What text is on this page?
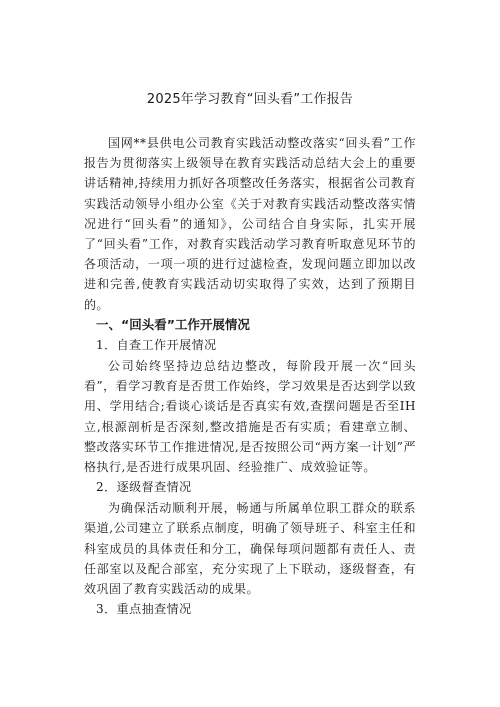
2025年学习教育“回头看”工作报告

国网**县供电公司教育实践活动整改落实“回头看”工作报告为贯彻落实上级领导在教育实践活动总结大会上的重要讲话精神,持续用力抓好各项整改任务落实，根据省公司教育实践活动领导小组办公室《关于对教育实践活动整改落实情况进行“回头看”的通知》，公司结合自身实际，扎实开展了“回头看”工作，对教育实践活动学习教育听取意见环节的各项活动，一项一项的进行过滤检查，发现问题立即加以改进和完善,使教育实践活动切实取得了实效，达到了预期目的。

一、“回头看”工作开展情况

1．自查工作开展情况

公司始终坚持边总结边整改，每阶段开展一次“回头看”，看学习教育是否贯工作始终，学习效果是否达到学以致用、学用结合;看谈心谈话是否真实有效,查摆问题是否至IH立,根源剖析是否深刻,整改措施是否有实质；看建章立制、整改落实环节工作推进情况,是否按照公司“两方案一计划”严格执行,是否进行成果巩固、经验推广、成效验证等。

2．逐级督查情况

为确保活动顺利开展，畅通与所属单位职工群众的联系渠道,公司建立了联系点制度，明确了领导班子、科室主任和科室成员的具体责任和分工，确保每项问题都有责任人、责任部室以及配合部室，充分实现了上下联动，逐级督查，有效巩固了教育实践活动的成果。

3．重点抽查情况
